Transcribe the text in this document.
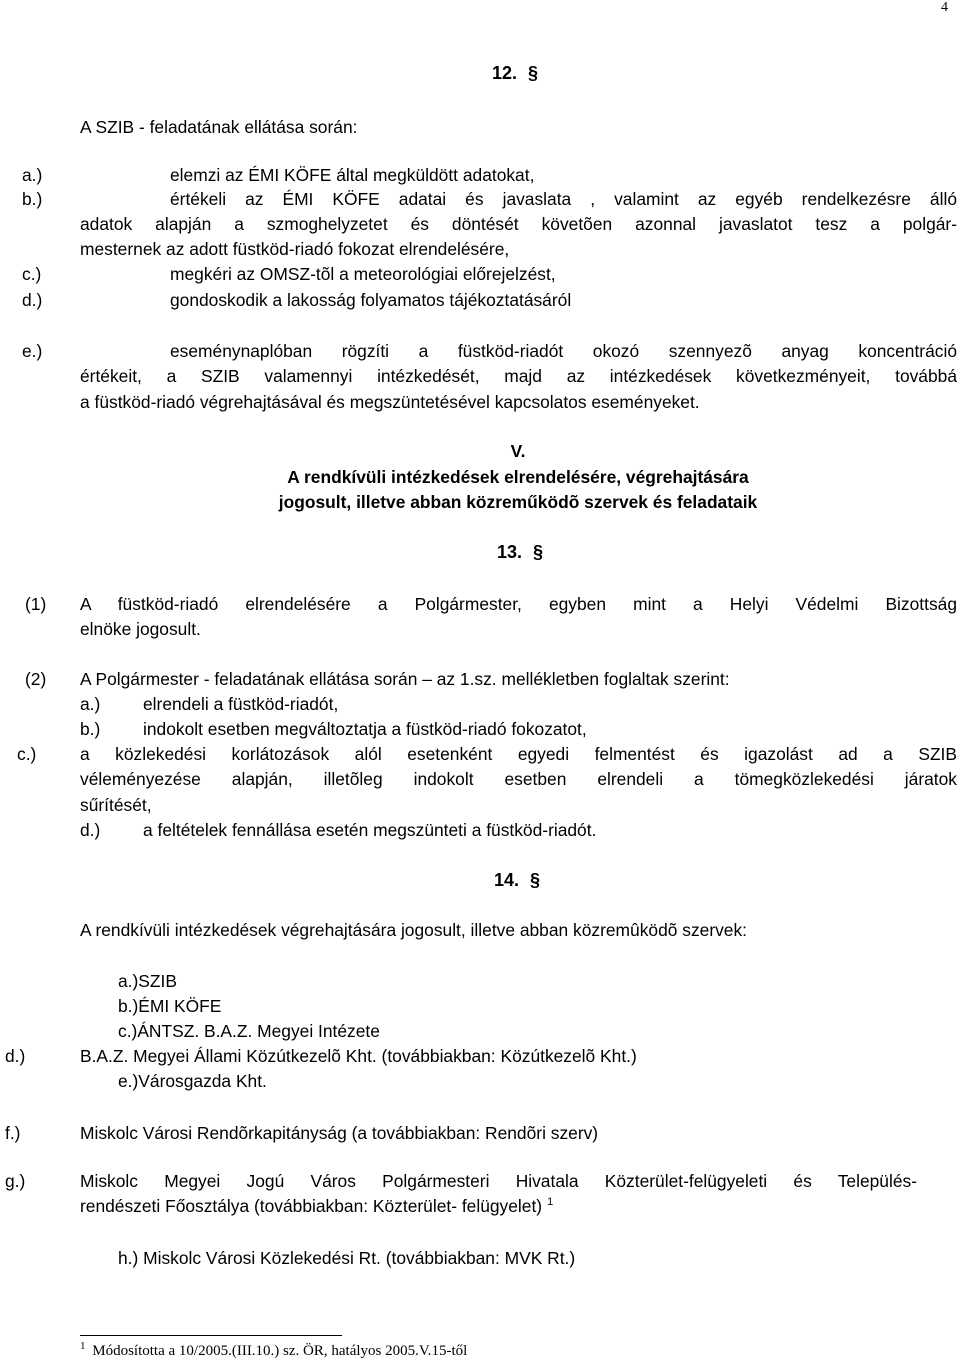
4
12. §
A SZIB - feladatának ellátása során:
a.)	elemzi az ÉMI KÖFE által megküldött adatokat,
b.)	értékeli az ÉMI KÖFE adatai és javaslata , valamint az egyéb rendelkezésre álló
adatok alapján a szmoghelyzetet és döntését követõen azonnal javaslatot tesz a polgár-
mesternek az adott füstköd-riadó fokozat elrendelésére,
c.)	megkéri az OMSZ-tõl a meteorológiai előrejelzést,
d.)	gondoskodik a lakosság folyamatos tájékoztatásáról
e.)	eseménynaplóban rögzíti a füstköd-riadót okozó szennyezõ anyag koncentráció
értékeit, a SZIB valamennyi intézkedését, majd az intézkedések következményeit, továbbá
a füstköd-riadó végrehajtásával és megszüntetésével kapcsolatos eseményeket.
V.
A rendkívüli intézkedések elrendelésére, végrehajtására
jogosult, illetve abban közreműködõ szervek és feladataik
13. §
(1) A füstköd-riadó elrendelésére a Polgármester, egyben mint a Helyi Védelmi Bizottság
elnöke jogosult.
(2) A Polgármester - feladatának ellátása során – az 1.sz. mellékletben foglaltak szerint:
a.) elrendeli a füstköd-riadót,
b.) indokolt esetben megváltoztatja a füstköd-riadó fokozatot,
c.)	a közlekedési korlátozások alól esetenként egyedi felmentést és igazolást ad a SZIB
véleményezése alapján, illetõleg indokolt esetben elrendeli a tömegközlekedési járatok
sűrítését,
d.) a feltételek fennállása esetén megszünteti a füstköd-riadót.
14. §
A rendkívüli intézkedések végrehajtására jogosult, illetve abban közremûködõ szervek:
a.)SZIB
b.)ÉMI KÖFE
c.)ÁNTSZ. B.A.Z. Megyei Intézete
d.)	B.A.Z. Megyei Állami Közútkezelõ Kht. (továbbiakban: Közútkezelõ Kht.)
e.)Városgazda Kht.
f.)	Miskolc Városi Rendõrkapitányság (a továbbiakban: Rendõri szerv)
g.)	Miskolc Megyei Jogú Város Polgármesteri Hivatala Közterület-felügyeleti és Település-
rendészeti Főosztálya (továbbiakban: Közterület- felügyelet) $^1$
h.) Miskolc Városi Közlekedési Rt. (továbbiakban: MVK Rt.)
$^1$ Módosította a 10/2005.(III.10.) sz. ÖR, hatályos 2005.V.15-től
